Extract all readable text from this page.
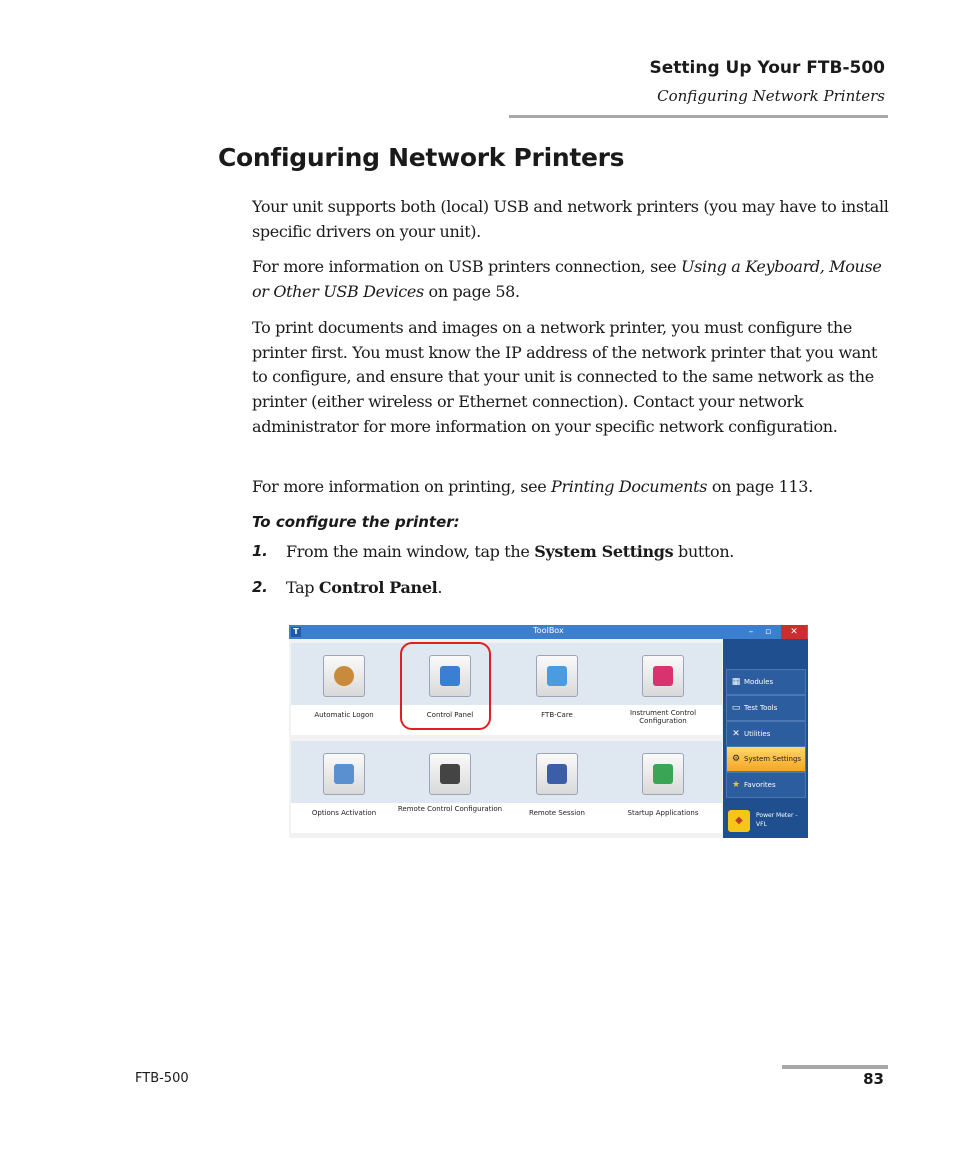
Setting Up Your FTB-500
Configuring Network Printers
Configuring Network Printers

Your unit supports both (local) USB and network printers (you may have to install specific drivers on your unit).

For more information on USB printers connection, see Using a Keyboard, Mouse or Other USB Devices on page 58.

To print documents and images on a network printer, you must configure the printer first. You must know the IP address of the network printer that you want to configure, and ensure that your unit is connected to the same network as the printer (either wireless or Ethernet connection). Contact your network administrator for more information on your specific network configuration.

For more information on printing, see Printing Documents on page 113.

To configure the printer:
1. From the main window, tap the System Settings button.
2. Tap Control Panel.
T	ToolBox	–	▫	✕
Automatic Logon	Control Panel	FTB-Care	Instrument Control Configuration
Options Activation	Remote Control Configuration	Remote Session	Startup Applications
▦ Modules
▭ Test Tools
✕ Utilities
⚙ System Settings
★ Favorites
◆	Power Meter - VFL
FTB-500	83
